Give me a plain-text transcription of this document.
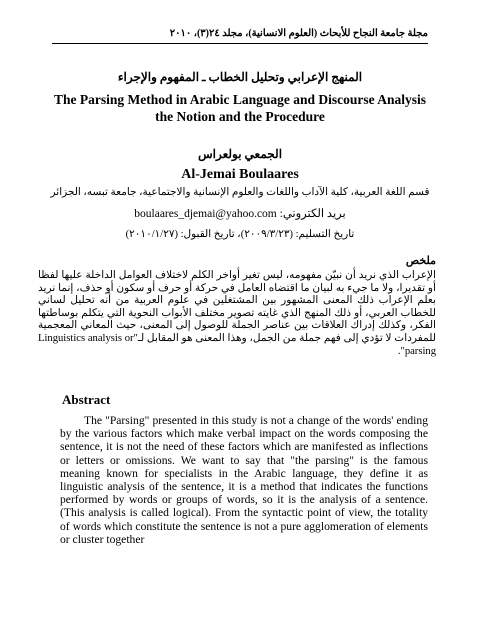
مجلة جامعة النجاح للأبحاث (العلوم الانسانية)، مجلد ٢٤(٣)، ٢٠١٠
المنهج الإعرابي وتحليل الخطاب ـ المفهوم والإجراء
The Parsing Method in Arabic Language and Discourse Analysis the Notion and the Procedure
الجمعي بولعراس
Al-Jemai Boulaares
قسم اللغة العربية، كلية الآداب واللغات والعلوم الإنسانية والاجتماعية، جامعة تبسه، الجزائر
boulaares_djemai@yahoo.com بريد الكتروني:
تاريخ التسليم: (٢٠٠٩/٣/٢٣)، تاريخ القبول: (٢٠١٠/١/٢٧)
ملخص
الإعراب الذي نريد أن نبيّن مفهومه، ليس تغير أواخر الكلم لاختلاف العوامل الداخلة عليها لفظا أو تقديرا، ولا ما جيء به لبيان ما اقتضاه العامل في حركة أو حرف أو سكون أو حذف، إنما نريد بعلم الإعراب ذلك المعنى المشهور بين المشتغلين في علوم العربية من أنه تحليل لساني للخطاب العربي، أو ذلك المنهج الذي غايته تصوير مختلف الأبواب النحوية التي يتكلم بوساطتها الفكر، وكذلك إدراك العلاقات بين عناصر الجملة للوصول إلى المعنى، حيث المعاني المعجمية للمفردات لا تؤدي إلى فهم جملة من الجمل، وهذا المعنى هو المقابل لـ"Linguistics analysis or parsing".
Abstract

The "Parsing" presented in this study is not a change of the words' ending by the various factors which make verbal impact on the words composing the sentence, it is not the need of these factors which are manifested as inflections or letters or omissions. We want to say that "the parsing" is the famous meaning known for specialists in the Arabic language, they define it as linguistic analysis of the sentence, it is a method that indicates the functions performed by words or groups of words, so it is the analysis of a sentence. (This analysis is called logical). From the syntactic point of view, the totality of words which constitute the sentence is not a pure agglomeration of elements or cluster together
